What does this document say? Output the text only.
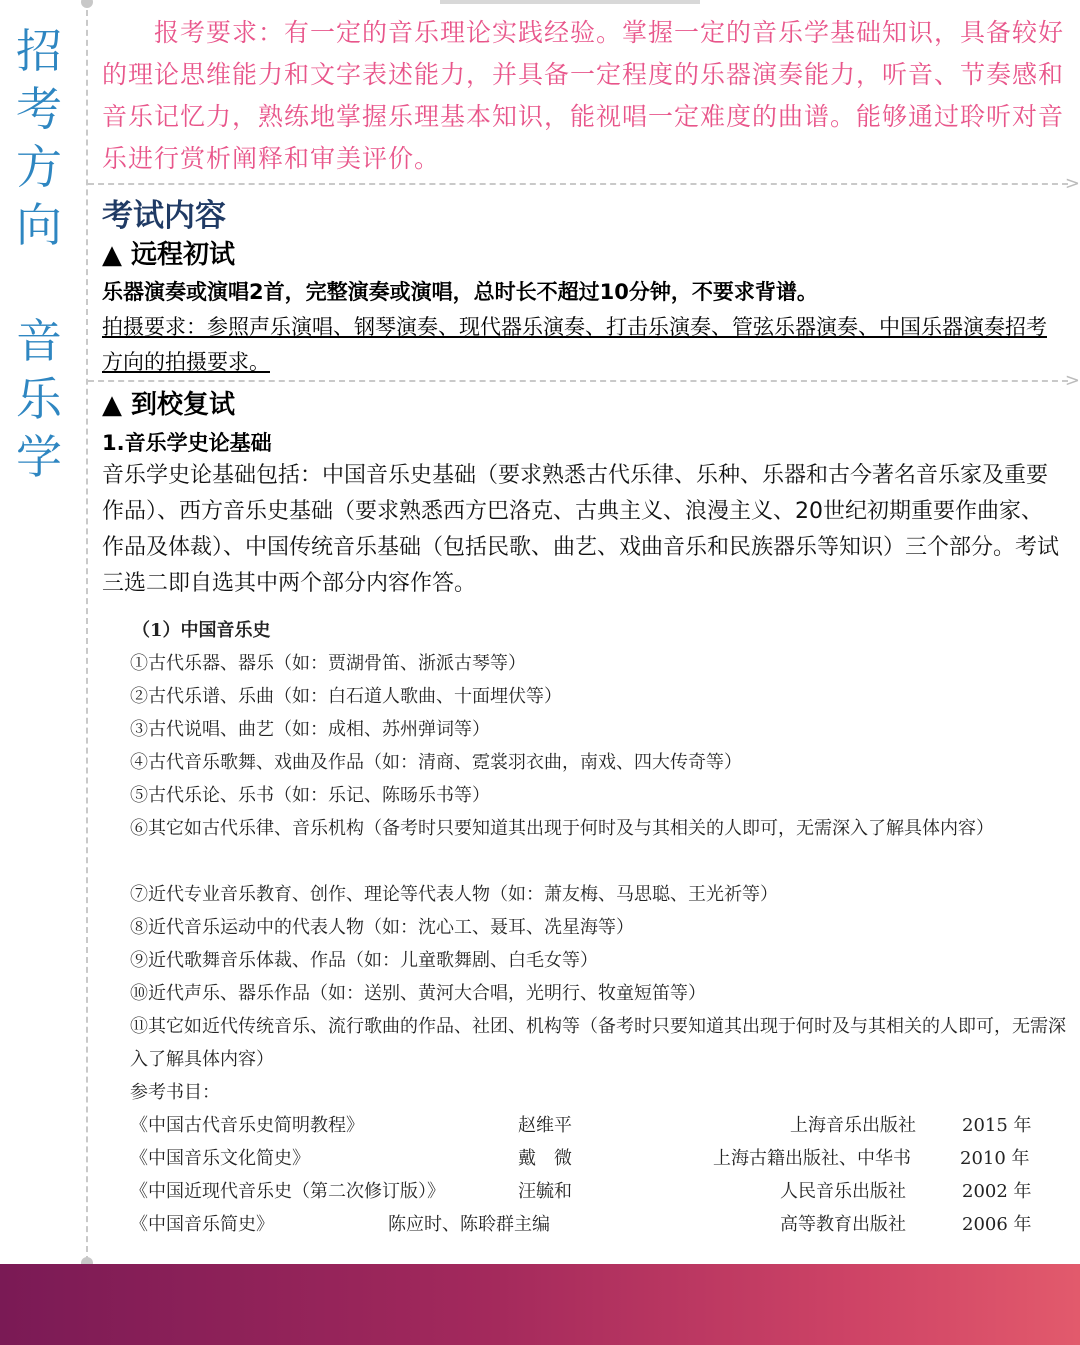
招
考
方
向
音
乐
学
报考要求：有一定的音乐理论实践经验。掌握一定的音乐学基础知识，具备较好的理论思维能力和文字表述能力，并具备一定程度的乐器演奏能力，听音、节奏感和音乐记忆力，熟练地掌握乐理基本知识，能视唱一定难度的曲谱。能够通过聆听对音乐进行赏析阐释和审美评价。
>
考试内容
▲ 远程初试
乐器演奏或演唱2首，完整演奏或演唱，总时长不超过10分钟，不要求背谱。
拍摄要求：参照声乐演唱、钢琴演奏、现代器乐演奏、打击乐演奏、管弦乐器演奏、中国乐器演奏招考方向的拍摄要求。
>
▲ 到校复试
1.音乐学史论基础
音乐学史论基础包括：中国音乐史基础（要求熟悉古代乐律、乐种、乐器和古今著名音乐家及重要作品）、西方音乐史基础（要求熟悉西方巴洛克、古典主义、浪漫主义、20世纪初期重要作曲家、作品及体裁）、中国传统音乐基础（包括民歌、曲艺、戏曲音乐和民族器乐等知识）三个部分。考试三选二即自选其中两个部分内容作答。
（1）中国音乐史
①古代乐器、器乐（如：贾湖骨笛、浙派古琴等）
②古代乐谱、乐曲（如：白石道人歌曲、十面埋伏等）
③古代说唱、曲艺（如：成相、苏州弹词等）
④古代音乐歌舞、戏曲及作品（如：清商、霓裳羽衣曲，南戏、四大传奇等）
⑤古代乐论、乐书（如：乐记、陈旸乐书等）
⑥其它如古代乐律、音乐机构（备考时只要知道其出现于何时及与其相关的人即可，无需深入了解具体内容）
⑦近代专业音乐教育、创作、理论等代表人物（如：萧友梅、马思聪、王光祈等）
⑧近代音乐运动中的代表人物（如：沈心工、聂耳、冼星海等）
⑨近代歌舞音乐体裁、作品（如：儿童歌舞剧、白毛女等）
⑩近代声乐、器乐作品（如：送别、黄河大合唱，光明行、牧童短笛等）
⑪其它如近代传统音乐、流行歌曲的作品、社团、机构等（备考时只要知道其出现于何时及与其相关的人即可，无需深入了解具体内容）
参考书目：
《中国古代音乐史简明教程》	赵维平	上海音乐出版社	2015 年
《中国音乐文化简史》	戴　微	上海古籍出版社、中华书	2010 年
《中国近现代音乐史（第二次修订版）》	汪毓和	人民音乐出版社	2002 年
《中国音乐简史》	陈应时、陈聆群主编	高等教育出版社	2006 年
